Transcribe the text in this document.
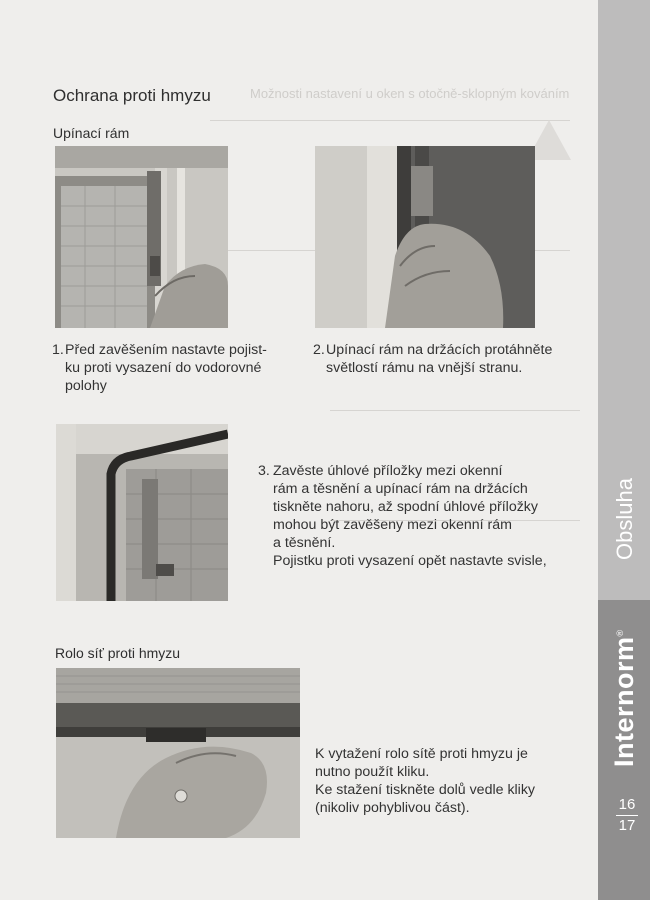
Možnosti nastavení u oken s otočně-sklopným kováním
Ochrana proti hmyzu
Upínací rám
1. Před zavěšením nastavte pojist-
ku proti vysazení do vodorovné
polohy
2. Upínací rám na držácích protáhněte
světlostí rámu na vnější stranu.
3. Zavěste úhlové příložky mezi okenní
rám a těsnění a upínací rám na držácích
tiskněte nahoru, až spodní úhlové příložky
mohou být zavěšeny mezi okenní rám
a těsnění.
Pojistku proti vysazení opět nastavte svisle,
Rolo síť proti hmyzu
K vytažení rolo sítě proti hmyzu je
nutno použít kliku.
Ke stažení tiskněte dolů vedle kliky
(nikoliv pohyblivou část).
Obsluha
Internorm®
16
17
